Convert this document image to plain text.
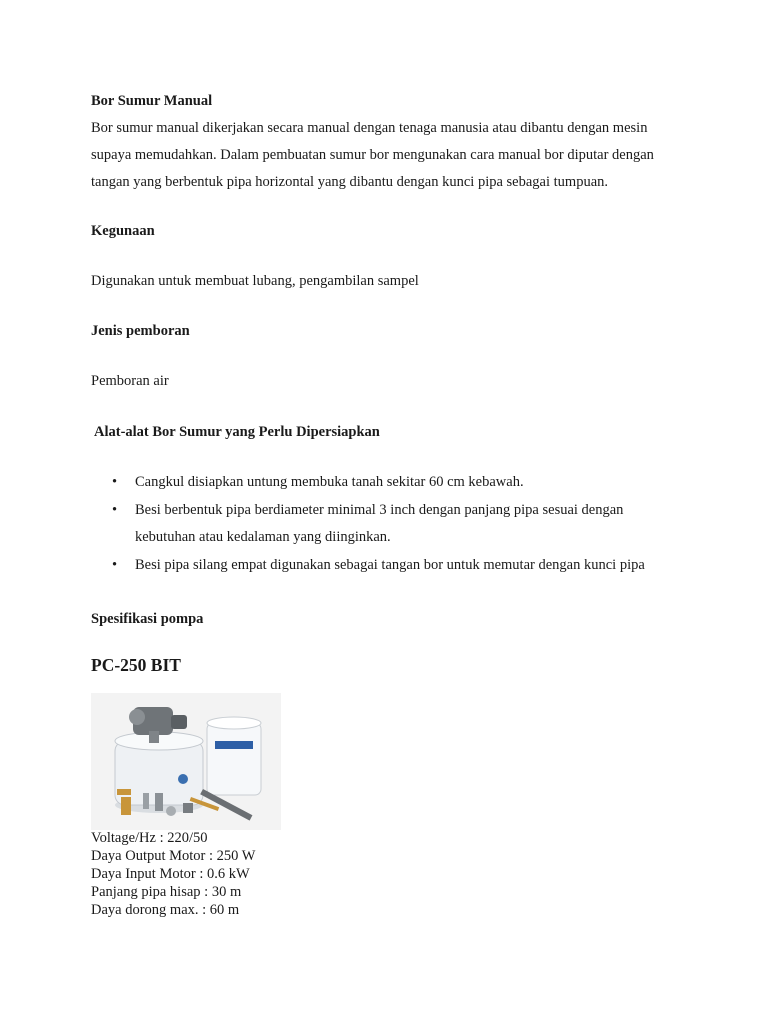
Bor Sumur Manual
Bor sumur manual dikerjakan secara manual dengan tenaga manusia atau dibantu dengan mesin
supaya memudahkan. Dalam pembuatan sumur bor mengunakan cara manual bor diputar dengan
tangan yang berbentuk pipa horizontal yang dibantu dengan kunci pipa sebagai tumpuan.
Kegunaan
Digunakan untuk membuat lubang, pengambilan sampel
Jenis pemboran
Pemboran air
Alat-alat Bor Sumur yang Perlu Dipersiapkan
• Cangkul disiapkan untung membuka tanah sekitar 60 cm kebawah.
• Besi berbentuk pipa berdiameter minimal 3 inch dengan panjang pipa sesuai dengan
kebutuhan atau kedalaman yang diinginkan.
• Besi pipa silang empat digunakan sebagai tangan bor untuk memutar dengan kunci pipa
Spesifikasi pompa
PC-250 BIT
Voltage/Hz : 220/50
Daya Output Motor : 250 W
Daya Input Motor : 0.6 kW
Panjang pipa hisap : 30 m
Daya dorong max. : 60 m
